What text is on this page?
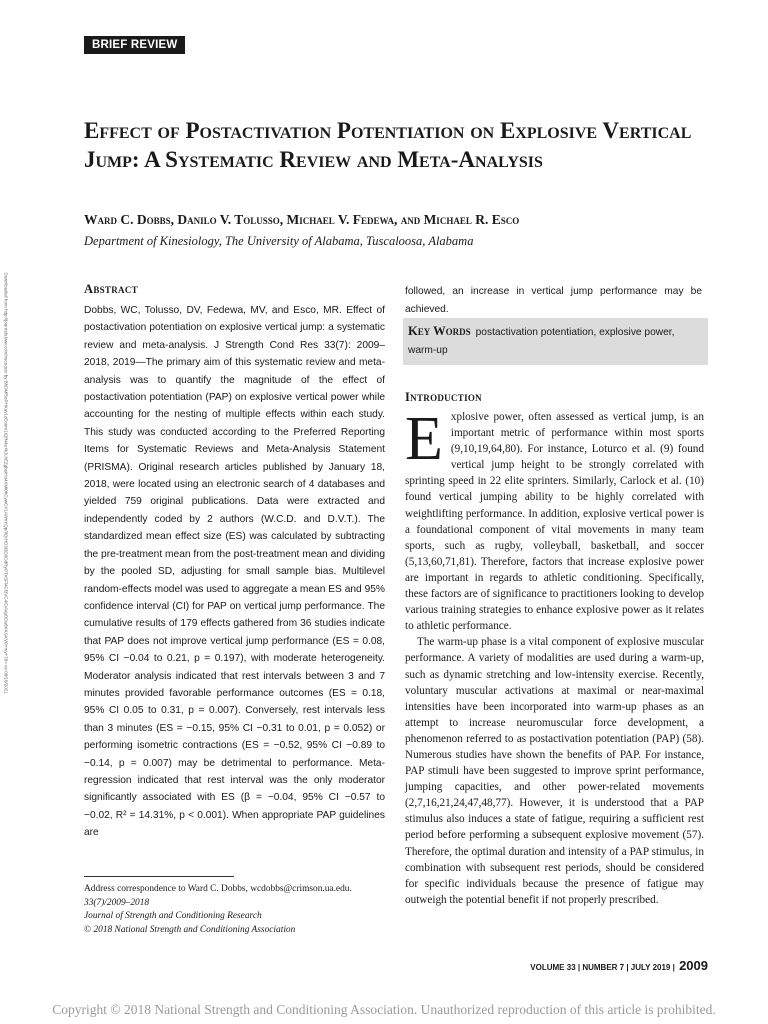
BRIEF REVIEW
Effect of Postactivation Potentiation on Explosive Vertical Jump: A Systematic Review and Meta-Analysis
Ward C. Dobbs, Danilo V. Tolusso, Michael V. Fedewa, and Michael R. Esco
Department of Kinesiology, The University of Alabama, Tuscaloosa, Alabama
Downloaded from http://journals.lww.com/nsca-jscr by BhDMf5ePHKav1zEoum1tQfN4a+kJLhEZgbsIHo4XMi0hCywCX1AWnYQp/IlQrHD3i3D0OdRyi7TvSFl4Cf3VC4/OAVpDDa8KKGKV0Ymy+78= on 08/18/2021	Abstract

Dobbs, WC, Tolusso, DV, Fedewa, MV, and Esco, MR. Effect of postactivation potentiation on explosive vertical jump: a systematic review and meta-analysis. J Strength Cond Res 33(7): 2009–2018, 2019—The primary aim of this systematic review and meta-analysis was to quantify the magnitude of the effect of postactivation potentiation (PAP) on explosive vertical power while accounting for the nesting of multiple effects within each study. This study was conducted according to the Preferred Reporting Items for Systematic Reviews and Meta-Analysis Statement (PRISMA). Original research articles published by January 18, 2018, were located using an electronic search of 4 databases and yielded 759 original publications. Data were extracted and independently coded by 2 authors (W.C.D. and D.V.T.). The standardized mean effect size (ES) was calculated by subtracting the pre-treatment mean from the post-treatment mean and dividing by the pooled SD, adjusting for small sample bias. Multilevel random-effects model was used to aggregate a mean ES and 95% confidence interval (CI) for PAP on vertical jump performance. The cumulative results of 179 effects gathered from 36 studies indicate that PAP does not improve vertical jump performance (ES = 0.08, 95% CI −0.04 to 0.21, p = 0.197), with moderate heterogeneity. Moderator analysis indicated that rest intervals between 3 and 7 minutes provided favorable performance outcomes (ES = 0.18, 95% CI 0.05 to 0.31, p = 0.007). Conversely, rest intervals less than 3 minutes (ES = −0.15, 95% CI −0.31 to 0.01, p = 0.052) or performing isometric contractions (ES = −0.52, 95% CI −0.89 to −0.14, p = 0.007) may be detrimental to performance. Meta-regression indicated that rest interval was the only moderator significantly associated with ES (β = −0.04, 95% CI −0.57 to −0.02, R² = 14.31%, p < 0.001). When appropriate PAP guidelines are

Address correspondence to Ward C. Dobbs, wcdobbs@crimson.ua.edu.
33(7)/2009–2018
Journal of Strength and Conditioning Research
© 2018 National Strength and Conditioning Association

followed, an increase in vertical jump performance may be achieved.

Key Words postactivation potentiation, explosive power, warm-up
Introduction

Explosive power, often assessed as vertical jump, is an important metric of performance within most sports (9,10,19,64,80). For instance, Loturco et al. (9) found vertical jump height to be strongly correlated with sprinting speed in 22 elite sprinters. Similarly, Carlock et al. (10) found vertical jumping ability to be highly correlated with weightlifting performance. In addition, explosive vertical power is a foundational component of vital movements in many team sports, such as rugby, volleyball, basketball, and soccer (5,13,60,71,81). Therefore, factors that increase explosive power are important in regards to athletic conditioning. Specifically, these factors are of significance to practitioners looking to develop various training strategies to enhance explosive power as it relates to athletic performance.

The warm-up phase is a vital component of explosive muscular performance. A variety of modalities are used during a warm-up, such as dynamic stretching and low-intensity exercise. Recently, voluntary muscular activations at maximal or near-maximal intensities have been incorporated into warm-up phases as an attempt to increase neuromuscular force development, a phenomenon referred to as postactivation potentiation (PAP) (58). Numerous studies have shown the benefits of PAP. For instance, PAP stimuli have been suggested to improve sprint performance, jumping capacities, and other power-related movements (2,7,16,21,24,47,48,77). However, it is understood that a PAP stimulus also induces a state of fatigue, requiring a sufficient rest period before performing a subsequent explosive movement (57). Therefore, the optimal duration and intensity of a PAP stimulus, in combination with subsequent rest periods, should be considered for specific individuals because the presence of fatigue may outweigh the potential benefit if not properly prescribed.

VOLUME 33 | NUMBER 7 | JULY 2019 | 2009
Copyright © 2018 National Strength and Conditioning Association. Unauthorized reproduction of this article is prohibited.
